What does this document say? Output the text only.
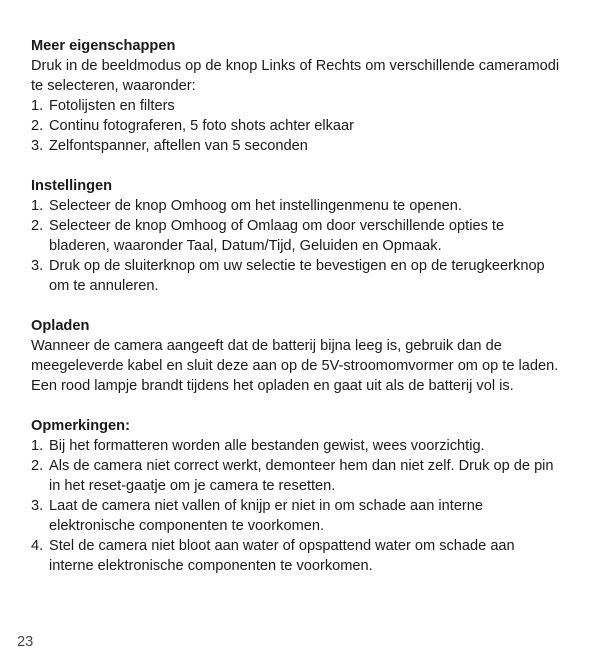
Meer eigenschappen

Druk in de beeldmodus op de knop Links of Rechts om verschillende cameramodi te selecteren, waaronder:

1. Fotolijsten en filters
2. Continu fotograferen, 5 foto shots achter elkaar
3. Zelfontspanner, aftellen van 5 seconden
Instellingen
1. Selecteer de knop Omhoog om het instellingenmenu te openen.
2. Selecteer de knop Omhoog of Omlaag om door verschillende opties te bladeren, waaronder Taal, Datum/Tijd, Geluiden en Opmaak.
3. Druk op de sluiterknop om uw selectie te bevestigen en op de terugkeerknop om te annuleren.
Opladen

Wanneer de camera aangeeft dat de batterij bijna leeg is, gebruik dan de meegeleverde kabel en sluit deze aan op de 5V-stroomomvormer om op te laden. Een rood lampje brandt tijdens het opladen en gaat uit als de batterij vol is.

Opmerkingen:
1. Bij het formatteren worden alle bestanden gewist, wees voorzichtig.
2. Als de camera niet correct werkt, demonteer hem dan niet zelf. Druk op de pin in het reset-gaatje om je camera te resetten.
3. Laat de camera niet vallen of knijp er niet in om schade aan interne elektronische componenten te voorkomen.
4. Stel de camera niet bloot aan water of opspattend water om schade aan interne elektronische componenten te voorkomen.
23
